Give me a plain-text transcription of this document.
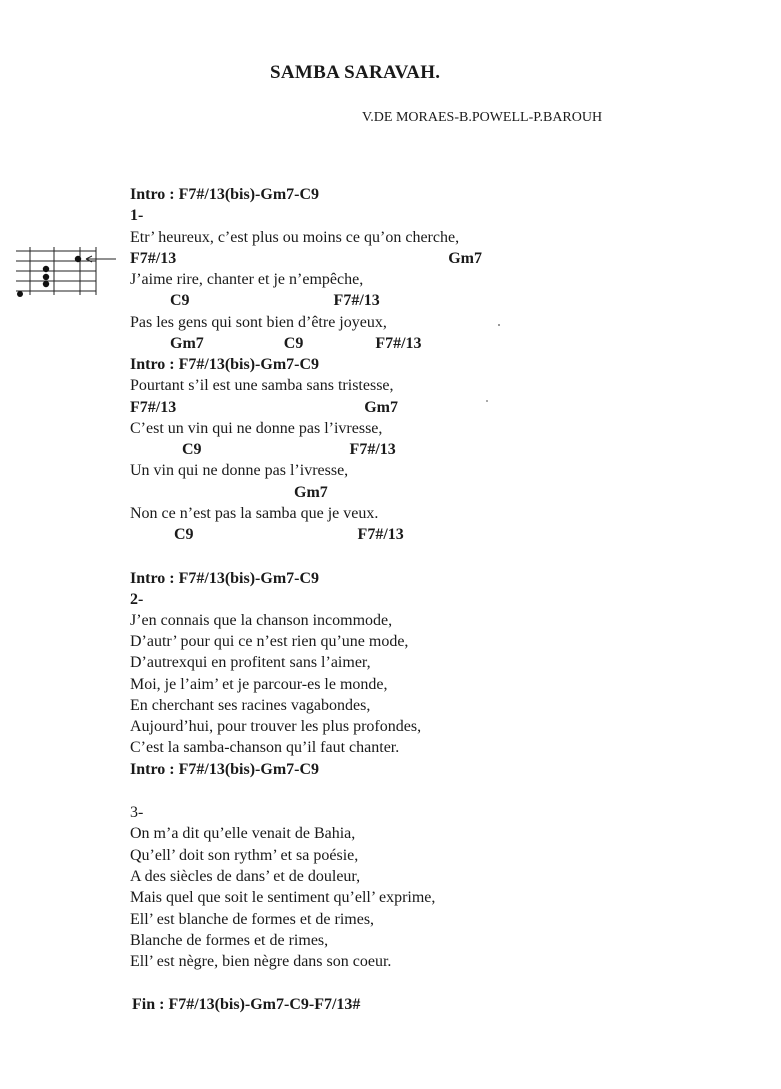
SAMBA SARAVAH.
V.DE MORAES-B.POWELL-P.BAROUH
Intro : F7#/13(bis)-Gm7-C9
1-
Etr’ heureux, c’est plus ou moins ce qu’on cherche,
F7#/13                                                                    Gm7
J’aime rire, chanter et je n’empêche,
C9                                    F7#/13
Pas les gens qui sont bien d’être joyeux,
Gm7                    C9                  F7#/13
Intro : F7#/13(bis)-Gm7-C9
Pourtant s’il est une samba sans tristesse,
F7#/13                                               Gm7
C’est un vin qui ne donne pas l’ivresse,
C9                                     F7#/13
Un vin qui ne donne pas l’ivresse,
Gm7
Non ce n’est pas la samba que je veux.
C9                                         F7#/13
Intro : F7#/13(bis)-Gm7-C9
2-
J’en connais que la chanson incommode,
D’autr’ pour qui ce n’est rien qu’une mode,
D’autrexqui en profitent sans l’aimer,
Moi, je l’aim’ et je parcour-es le monde,
En cherchant ses racines vagabondes,
Aujourd’hui, pour trouver les plus profondes,
C’est la samba-chanson qu’il faut chanter.
Intro : F7#/13(bis)-Gm7-C9
3-
On m’a dit qu’elle venait de Bahia,
Qu’ell’ doit son rythm’ et sa poésie,
A des siècles de dans’ et de douleur,
Mais quel que soit le sentiment qu’ell’ exprime,
Ell’ est blanche de formes et de rimes,
Blanche de formes et de rimes,
Ell’ est nègre, bien nègre dans son coeur.
Fin : F7#/13(bis)-Gm7-C9-F7/13#
